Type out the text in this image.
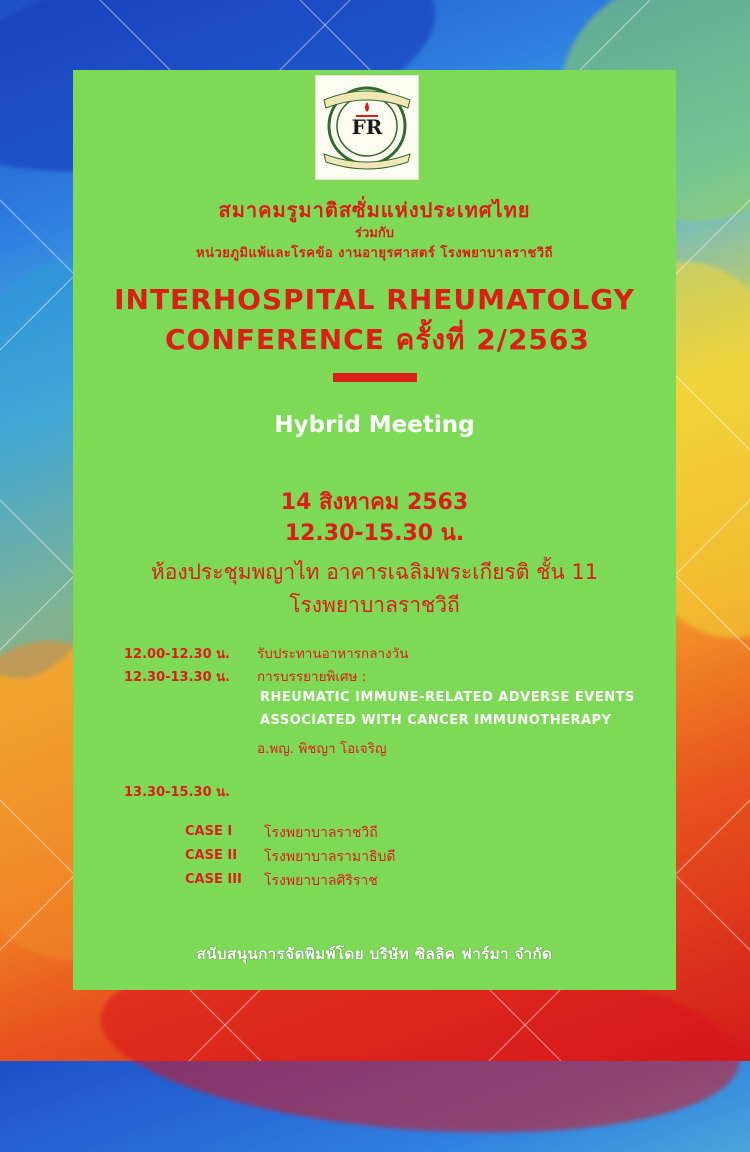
FR
สมาคมรูมาติสซั่มแห่งประเทศไทย
ร่วมกับ
หน่วยภูมิแพ้และโรคข้อ งานอายุรศาสตร์ โรงพยาบาลราชวิถี
INTERHOSPITAL RHEUMATOLGY
CONFERENCE ครั้งที่ 2/2563
Hybrid Meeting
14 สิงหาคม 2563
12.30-15.30 น.
ห้องประชุมพญาไท อาคารเฉลิมพระเกียรติ ชั้น 11
โรงพยาบาลราชวิถี
12.00-12.30 น. รับประทานอาหารกลางวัน
12.30-13.30 น. การบรรยายพิเศษ :
RHEUMATIC IMMUNE-RELATED ADVERSE EVENTS
ASSOCIATED WITH CANCER IMMUNOTHERAPY
อ.พญ. พิชญา โอเจริญ
13.30-15.30 น.
CASE I โรงพยาบาลราชวิถี
CASE II โรงพยาบาลรามาธิบดี
CASE III โรงพยาบาลศิริราช
สนับสนุนการจัดพิมพ์โดย บริษัท ซิลลิค ฟาร์มา จำกัด
